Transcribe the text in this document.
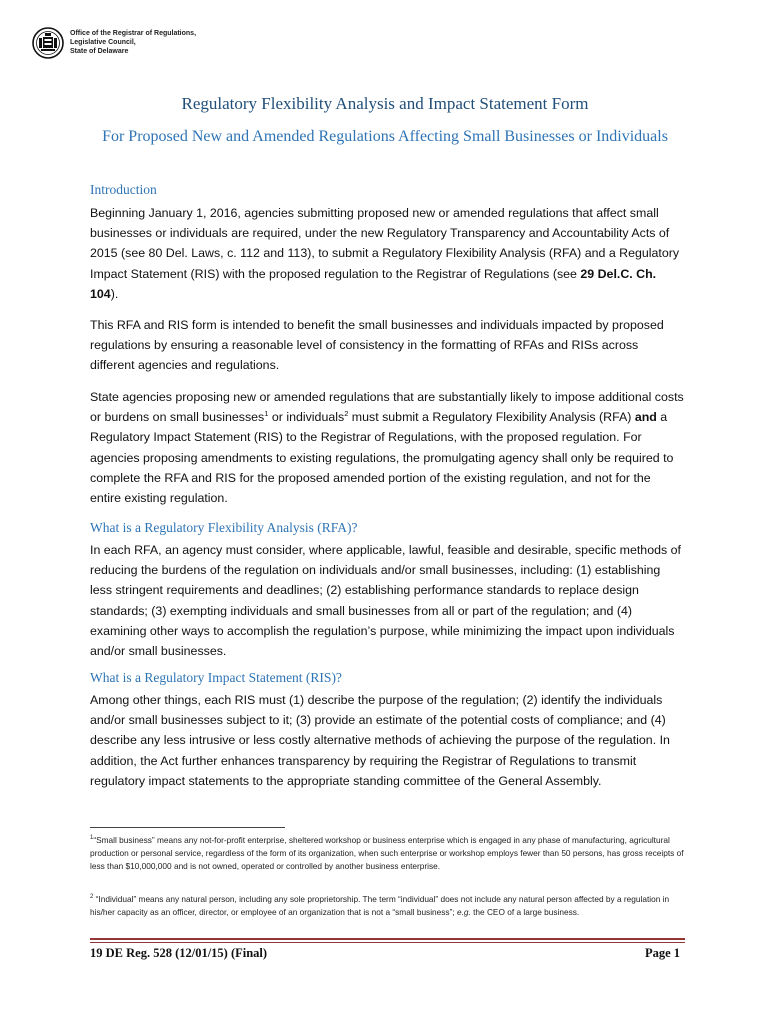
Office of the Registrar of Regulations,
Legislative Council,
State of Delaware
Regulatory Flexibility Analysis and Impact Statement Form
For Proposed New and Amended Regulations Affecting Small Businesses or Individuals
Introduction
Beginning January 1, 2016, agencies submitting proposed new or amended regulations that affect small businesses or individuals are required, under the new Regulatory Transparency and Accountability Acts of 2015 (see 80 Del. Laws, c. 112 and 113), to submit a Regulatory Flexibility Analysis (RFA) and a Regulatory Impact Statement (RIS) with the proposed regulation to the Registrar of Regulations (see 29 Del.C. Ch. 104).
This RFA and RIS form is intended to benefit the small businesses and individuals impacted by proposed regulations by ensuring a reasonable level of consistency in the formatting of RFAs and RISs across different agencies and regulations.
State agencies proposing new or amended regulations that are substantially likely to impose additional costs or burdens on small businesses$^1$ or individuals$^2$ must submit a Regulatory Flexibility Analysis (RFA) and a Regulatory Impact Statement (RIS) to the Registrar of Regulations, with the proposed regulation. For agencies proposing amendments to existing regulations, the promulgating agency shall only be required to complete the RFA and RIS for the proposed amended portion of the existing regulation, and not for the entire existing regulation.
What is a Regulatory Flexibility Analysis (RFA)?
In each RFA, an agency must consider, where applicable, lawful, feasible and desirable, specific methods of reducing the burdens of the regulation on individuals and/or small businesses, including: (1) establishing less stringent requirements and deadlines; (2) establishing performance standards to replace design standards; (3) exempting individuals and small businesses from all or part of the regulation; and (4) examining other ways to accomplish the regulation’s purpose, while minimizing the impact upon individuals and/or small businesses.
What is a Regulatory Impact Statement (RIS)?
Among other things, each RIS must (1) describe the purpose of the regulation; (2) identify the individuals and/or small businesses subject to it; (3) provide an estimate of the potential costs of compliance; and (4) describe any less intrusive or less costly alternative methods of achieving the purpose of the regulation. In addition, the Act further enhances transparency by requiring the Registrar of Regulations to transmit regulatory impact statements to the appropriate standing committee of the General Assembly.
$^1$“Small business” means any not-for-profit enterprise, sheltered workshop or business enterprise which is engaged in any phase of manufacturing, agricultural production or personal service, regardless of the form of its organization, when such enterprise or workshop employs fewer than 50 persons, has gross receipts of less than $10,000,000 and is not owned, operated or controlled by another business enterprise.
$^2$ “Individual” means any natural person, including any sole proprietorship. The term “individual” does not include any natural person affected by a regulation in his/her capacity as an officer, director, or employee of an organization that is not a “small business”; e.g. the CEO of a large business.
19 DE Reg. 528 (12/01/15) (Final)	Page 1
